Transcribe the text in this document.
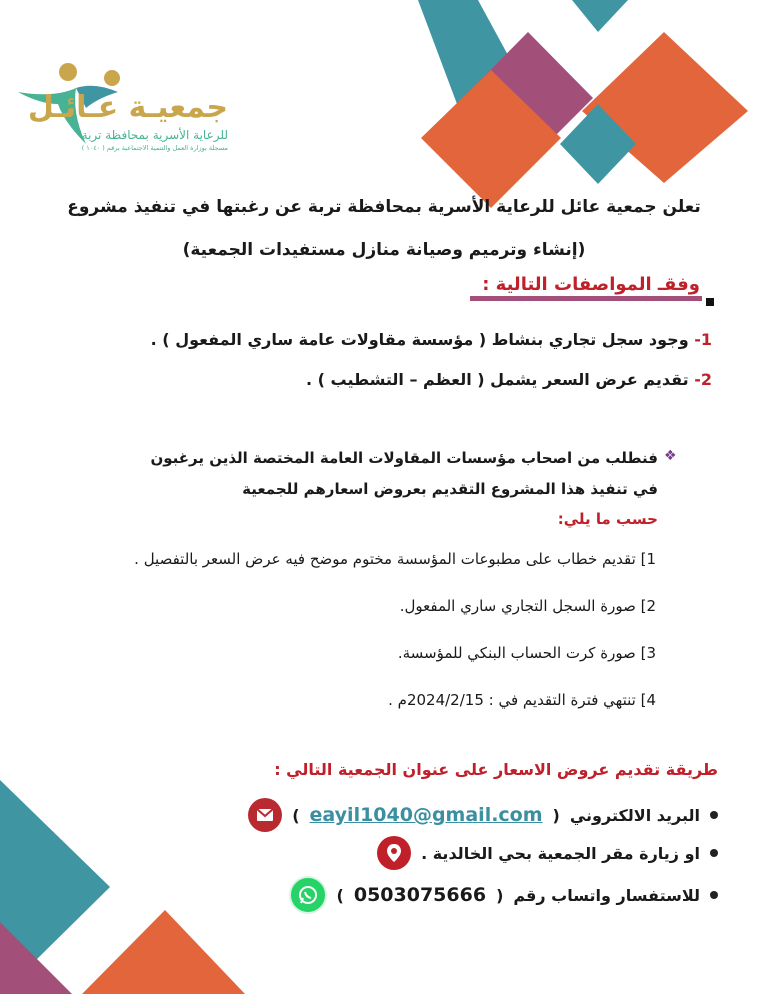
جمعيـة عـائـل
للرعاية الأسرية بمحافظة تربة
مسجلة بوزارة العمل والتنمية الاجتماعية برقم ( ١٠٤٠ )
تعلن جمعية عائل للرعاية الأسرية بمحافظة تربة عن رغبتها في تنفيذ مشروع
(إنشاء وترميم وصيانة منازل مستفيدات الجمعية)
وفقـ المواصفات التالية :
1- وجود سجل تجاري بنشاط ( مؤسسة مقاولات عامة ساري المفعول ) .
2- تقديم عرض السعر يشمل ( العظم – التشطيب ) .
❖
فنطلب من اصحاب مؤسسات المقاولات العامة المختصة الذين يرغبون
في تنفيذ هذا المشروع التقديم بعروض اسعارهم للجمعية
حسب ما يلي:
1] تقديم خطاب على مطبوعات المؤسسة مختوم موضح فيه عرض السعر بالتفصيل .
2] صورة السجل التجاري ساري المفعول.
3] صورة كرت الحساب البنكي للمؤسسة.
4] تنتهي فترة التقديم في : 2024/2/15م .
طريقة تقديم عروض الاسعار على عنوان الجمعية التالي :
البريد الالكتروني
(
eayil1040@gmail.com
)
او زيارة مقر الجمعية بحي الخالدية .
للاستفسار واتساب رقم
(
0503075666
)
